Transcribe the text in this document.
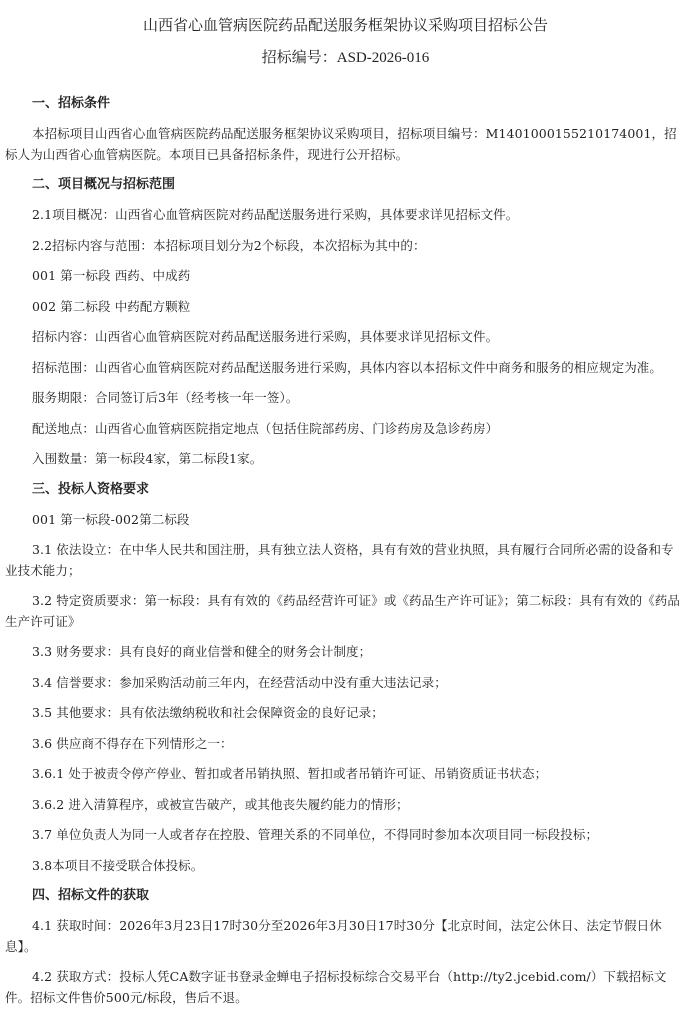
山西省心血管病医院药品配送服务框架协议采购项目招标公告
招标编号：ASD-2026-016
一、招标条件
本招标项目山西省心血管病医院药品配送服务框架协议采购项目，招标项目编号：M1401000155210174001，招标人为山西省心血管病医院。本项目已具备招标条件，现进行公开招标。
二、项目概况与招标范围
2.1项目概况：山西省心血管病医院对药品配送服务进行采购，具体要求详见招标文件。
2.2招标内容与范围：本招标项目划分为2个标段，本次招标为其中的：
001 第一标段 西药、中成药
002 第二标段 中药配方颗粒
招标内容：山西省心血管病医院对药品配送服务进行采购，具体要求详见招标文件。
招标范围：山西省心血管病医院对药品配送服务进行采购，具体内容以本招标文件中商务和服务的相应规定为准。
服务期限：合同签订后3年（经考核一年一签）。
配送地点：山西省心血管病医院指定地点（包括住院部药房、门诊药房及急诊药房）
入围数量：第一标段4家，第二标段1家。
三、投标人资格要求
001 第一标段-002第二标段
3.1 依法设立：在中华人民共和国注册，具有独立法人资格，具有有效的营业执照，具有履行合同所必需的设备和专业技术能力；
3.2 特定资质要求：第一标段：具有有效的《药品经营许可证》或《药品生产许可证》；第二标段：具有有效的《药品生产许可证》
3.3 财务要求：具有良好的商业信誉和健全的财务会计制度；
3.4 信誉要求：参加采购活动前三年内，在经营活动中没有重大违法记录；
3.5 其他要求：具有依法缴纳税收和社会保障资金的良好记录；
3.6 供应商不得存在下列情形之一：
3.6.1 处于被责令停产停业、暂扣或者吊销执照、暂扣或者吊销许可证、吊销资质证书状态；
3.6.2 进入清算程序，或被宣告破产，或其他丧失履约能力的情形；
3.7 单位负责人为同一人或者存在控股、管理关系的不同单位，不得同时参加本次项目同一标段投标；
3.8本项目不接受联合体投标。
四、招标文件的获取
4.1 获取时间：2026年3月23日17时30分至2026年3月30日17时30分【北京时间，法定公休日、法定节假日休息】。
4.2 获取方式：投标人凭CA数字证书登录金蝉电子招标投标综合交易平台（http://ty2.jcebid.com/）下载招标文件。招标文件售价500元/标段，售后不退。
